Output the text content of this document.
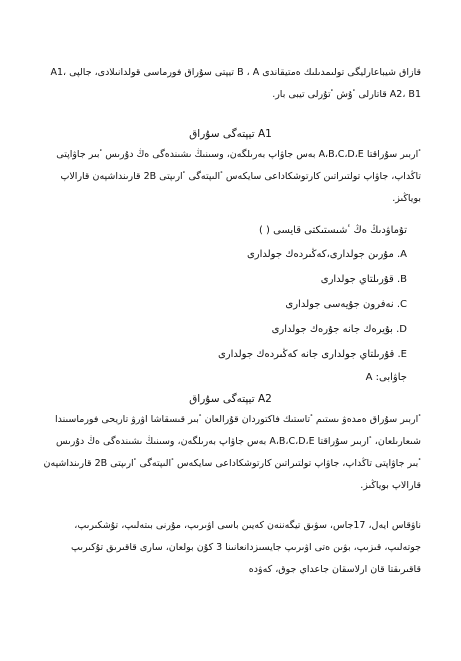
قازاق شيباعارليگى تولىمدىلىك ەمتيقاندى B ، A تيپتى سۇراق فورماسى قولدانىلادى، جالپى A1، A2، B1 قاتارلى ٴۇش ٴتۇرلى تيبى بار.

A1 تيپتەگى سۇراق

ٴاربىر سۇراقتا A،B،C،D،E بەس جاۋاپ بەرىلگەن، وسىنىڭ ىشىندەگى ەڭ دۇرىس ٴبىر جاۋاپتى تاڭداپ، جاۋاپ تولتىراتىن كارتوشكاداعى سايكەس ٴالىپتەگى ٴارىپتى 2B قارىنداشپەن قارالاپ بوياڭىز.

تۇماۋدىڭ ەڭ ٴشىستىكتى قايسى ( )

A. مۇرىن جولدارى،كەڭىردەك جولدارى

B. قۇرىلتاي جولدارى

C. نەفرون جۇيەسى جولدارى

D. بۇيرەك جانە جۇرەك جولدارى

E. قۇرىلتاي جولدارى جانە كەڭىردەك جولدارى

جاۋابى: A

A2 تيپتەگى سۇراق

ٴاربىر سۇراق ەمدەۋ ىستىم ٴتاستىك فاكتوردان قۇرالعان ٴبىر قىسقاشا اۋرۋ تاريحى فورماسىندا شىعارىلعان، ٴاربىر سۇراقتا A،B،C،D،E بەس جاۋاپ بەرىلگەن، وسىنىڭ ىشىندەگى ەڭ دۇرىس ٴبىر جاۋاپتى تاڭداپ، جاۋاپ تولتىراتىن كارتوشكاداعى سايكەس ٴالىپتەگى ٴارىپتى 2B قارىنداشپەن قارالاپ بوياڭىز.

ناۋقاس ايەل، 17جاس، سۋىق تيگەننەن كەيىن باسى اۋىرىپ، مۇرنى بىتەلىپ، تۇشكىرىپ، جوتەلىپ، قىزىپ، بۋىن ەتى اۋىرىپ جايسىزدانعانىنا 3 كۇن بولعان، سارى قاقىرىق تۇكىرىپ قاقىرىقتا قان ارلاسقان جاعداي جوق، كەۋدە
